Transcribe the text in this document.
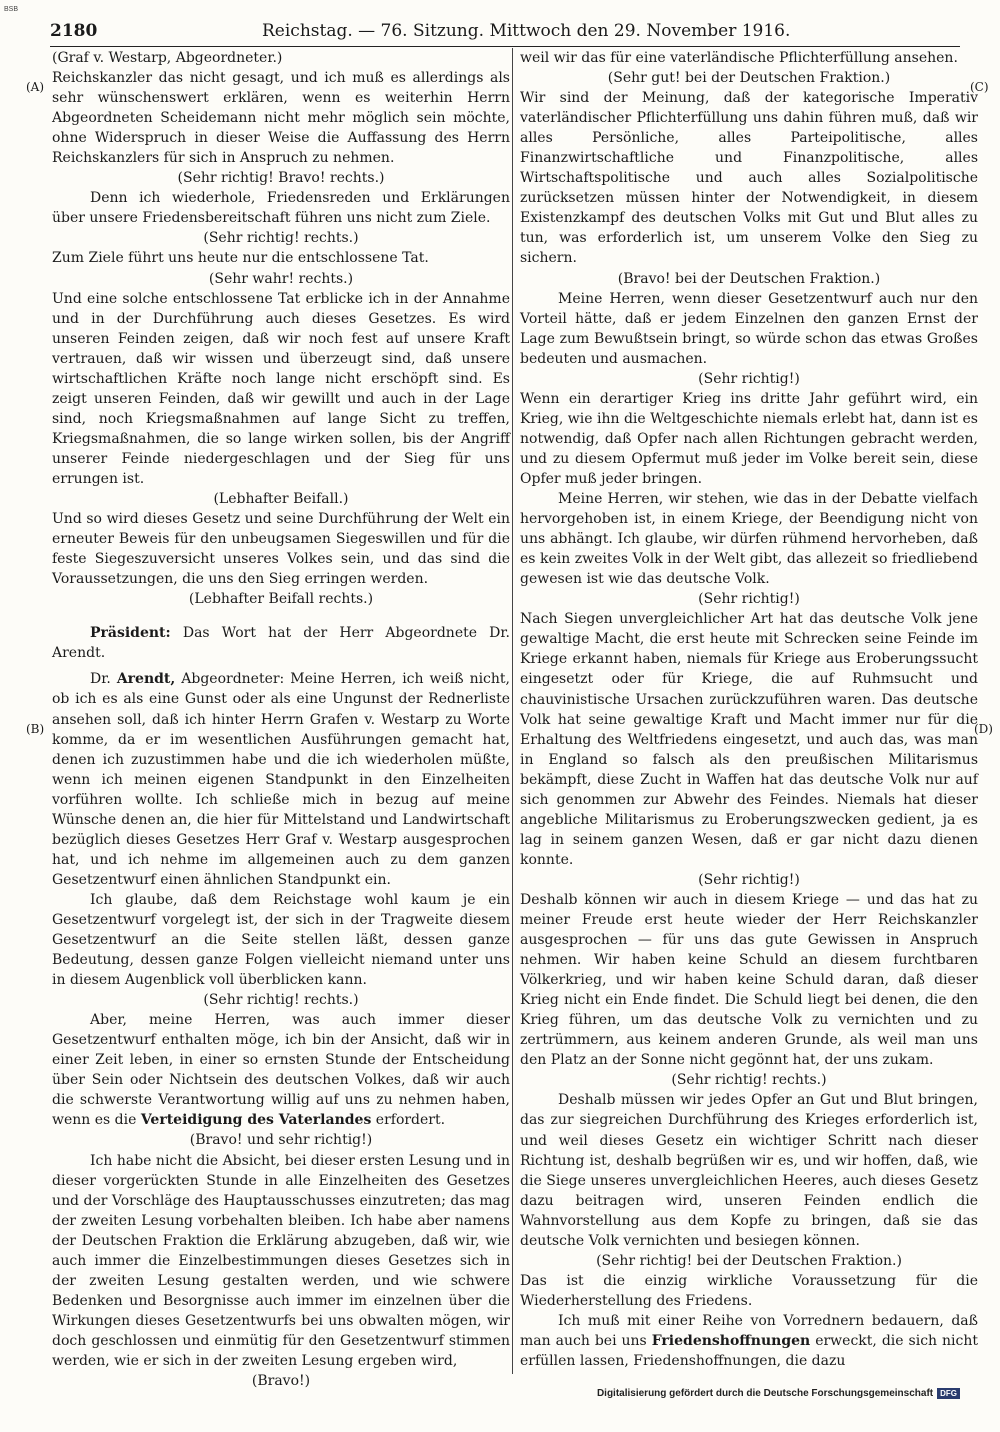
BSB
2180	Reichstag. — 76. Sitzung. Mittwoch den 29. November 1916.
(A)
(B)
(C)
(D)

(Graf v. Westarp, Abgeordneter.)

Reichskanzler das nicht gesagt, und ich muß es allerdings als sehr wünschenswert erklären, wenn es weiterhin Herrn Abgeordneten Scheidemann nicht mehr möglich sein möchte, ohne Widerspruch in dieser Weise die Auffassung des Herrn Reichskanzlers für sich in Anspruch zu nehmen.

(Sehr richtig! Bravo! rechts.)

Denn ich wiederhole, Friedensreden und Erklärungen über unsere Friedensbereitschaft führen uns nicht zum Ziele.

(Sehr richtig! rechts.)

Zum Ziele führt uns heute nur die entschlossene Tat.

(Sehr wahr! rechts.)

Und eine solche entschlossene Tat erblicke ich in der Annahme und in der Durchführung auch dieses Gesetzes. Es wird unseren Feinden zeigen, daß wir noch fest auf unsere Kraft vertrauen, daß wir wissen und überzeugt sind, daß unsere wirtschaftlichen Kräfte noch lange nicht erschöpft sind. Es zeigt unseren Feinden, daß wir gewillt und auch in der Lage sind, noch Kriegsmaßnahmen auf lange Sicht zu treffen, Kriegsmaßnahmen, die so lange wirken sollen, bis der Angriff unserer Feinde niedergeschlagen und der Sieg für uns errungen ist.

(Lebhafter Beifall.)

Und so wird dieses Gesetz und seine Durchführung der Welt ein erneuter Beweis für den unbeugsamen Siegeswillen und für die feste Siegeszuversicht unseres Volkes sein, und das sind die Voraussetzungen, die uns den Sieg erringen werden.

(Lebhafter Beifall rechts.)

Präsident: Das Wort hat der Herr Abgeordnete Dr. Arendt.

Dr. Arendt, Abgeordneter: Meine Herren, ich weiß nicht, ob ich es als eine Gunst oder als eine Ungunst der Rednerliste ansehen soll, daß ich hinter Herrn Grafen v. Westarp zu Worte komme, da er im wesentlichen Ausführungen gemacht hat, denen ich zuzustimmen habe und die ich wiederholen müßte, wenn ich meinen eigenen Standpunkt in den Einzelheiten vorführen wollte. Ich schließe mich in bezug auf meine Wünsche denen an, die hier für Mittelstand und Landwirtschaft bezüglich dieses Gesetzes Herr Graf v. Westarp ausgesprochen hat, und ich nehme im allgemeinen auch zu dem ganzen Gesetzentwurf einen ähnlichen Standpunkt ein.

Ich glaube, daß dem Reichstage wohl kaum je ein Gesetzentwurf vorgelegt ist, der sich in der Tragweite diesem Gesetzentwurf an die Seite stellen läßt, dessen ganze Bedeutung, dessen ganze Folgen vielleicht niemand unter uns in diesem Augenblick voll überblicken kann.

(Sehr richtig! rechts.)

Aber, meine Herren, was auch immer dieser Gesetzentwurf enthalten möge, ich bin der Ansicht, daß wir in einer Zeit leben, in einer so ernsten Stunde der Entscheidung über Sein oder Nichtsein des deutschen Volkes, daß wir auch die schwerste Verantwortung willig auf uns zu nehmen haben, wenn es die Verteidigung des Vaterlandes erfordert.

(Bravo! und sehr richtig!)

Ich habe nicht die Absicht, bei dieser ersten Lesung und in dieser vorgerückten Stunde in alle Einzelheiten des Gesetzes und der Vorschläge des Hauptausschusses einzutreten; das mag der zweiten Lesung vorbehalten bleiben. Ich habe aber namens der Deutschen Fraktion die Erklärung abzugeben, daß wir, wie auch immer die Einzelbestimmungen dieses Gesetzes sich in der zweiten Lesung gestalten werden, und wie schwere Bedenken und Besorgnisse auch immer im einzelnen über die Wirkungen dieses Gesetzentwurfs bei uns obwalten mögen, wir doch geschlossen und einmütig für den Gesetzentwurf stimmen werden, wie er sich in der zweiten Lesung ergeben wird,

(Bravo!)

weil wir das für eine vaterländische Pflichterfüllung ansehen.

(Sehr gut! bei der Deutschen Fraktion.)

Wir sind der Meinung, daß der kategorische Imperativ vaterländischer Pflichterfüllung uns dahin führen muß, daß wir alles Persönliche, alles Parteipolitische, alles Finanzwirtschaftliche und Finanzpolitische, alles Wirtschaftspolitische und auch alles Sozialpolitische zurücksetzen müssen hinter der Notwendigkeit, in diesem Existenzkampf des deutschen Volks mit Gut und Blut alles zu tun, was erforderlich ist, um unserem Volke den Sieg zu sichern.

(Bravo! bei der Deutschen Fraktion.)

Meine Herren, wenn dieser Gesetzentwurf auch nur den Vorteil hätte, daß er jedem Einzelnen den ganzen Ernst der Lage zum Bewußtsein bringt, so würde schon das etwas Großes bedeuten und ausmachen.

(Sehr richtig!)

Wenn ein derartiger Krieg ins dritte Jahr geführt wird, ein Krieg, wie ihn die Weltgeschichte niemals erlebt hat, dann ist es notwendig, daß Opfer nach allen Richtungen gebracht werden, und zu diesem Opfermut muß jeder im Volke bereit sein, diese Opfer muß jeder bringen.

Meine Herren, wir stehen, wie das in der Debatte vielfach hervorgehoben ist, in einem Kriege, der Beendigung nicht von uns abhängt. Ich glaube, wir dürfen rühmend hervorheben, daß es kein zweites Volk in der Welt gibt, das allezeit so friedliebend gewesen ist wie das deutsche Volk.

(Sehr richtig!)

Nach Siegen unvergleichlicher Art hat das deutsche Volk jene gewaltige Macht, die erst heute mit Schrecken seine Feinde im Kriege erkannt haben, niemals für Kriege aus Eroberungssucht eingesetzt oder für Kriege, die auf Ruhmsucht und chauvinistische Ursachen zurückzuführen waren. Das deutsche Volk hat seine gewaltige Kraft und Macht immer nur für die Erhaltung des Weltfriedens eingesetzt, und auch das, was man in England so falsch als den preußischen Militarismus bekämpft, diese Zucht in Waffen hat das deutsche Volk nur auf sich genommen zur Abwehr des Feindes. Niemals hat dieser angebliche Militarismus zu Eroberungszwecken gedient, ja es lag in seinem ganzen Wesen, daß er gar nicht dazu dienen konnte.

(Sehr richtig!)

Deshalb können wir auch in diesem Kriege — und das hat zu meiner Freude erst heute wieder der Herr Reichskanzler ausgesprochen — für uns das gute Gewissen in Anspruch nehmen. Wir haben keine Schuld an diesem furchtbaren Völkerkrieg, und wir haben keine Schuld daran, daß dieser Krieg nicht ein Ende findet. Die Schuld liegt bei denen, die den Krieg führen, um das deutsche Volk zu vernichten und zu zertrümmern, aus keinem anderen Grunde, als weil man uns den Platz an der Sonne nicht gegönnt hat, der uns zukam.

(Sehr richtig! rechts.)

Deshalb müssen wir jedes Opfer an Gut und Blut bringen, das zur siegreichen Durchführung des Krieges erforderlich ist, und weil dieses Gesetz ein wichtiger Schritt nach dieser Richtung ist, deshalb begrüßen wir es, und wir hoffen, daß, wie die Siege unseres unvergleichlichen Heeres, auch dieses Gesetz dazu beitragen wird, unseren Feinden endlich die Wahnvorstellung aus dem Kopfe zu bringen, daß sie das deutsche Volk vernichten und besiegen können.

(Sehr richtig! bei der Deutschen Fraktion.)

Das ist die einzig wirkliche Voraussetzung für die Wiederherstellung des Friedens.

Ich muß mit einer Reihe von Vorrednern bedauern, daß man auch bei uns Friedenshoffnungen erweckt, die sich nicht erfüllen lassen, Friedenshoffnungen, die dazu

Digitalisierung gefördert durch die Deutsche Forschungsgemeinschaft DFG
